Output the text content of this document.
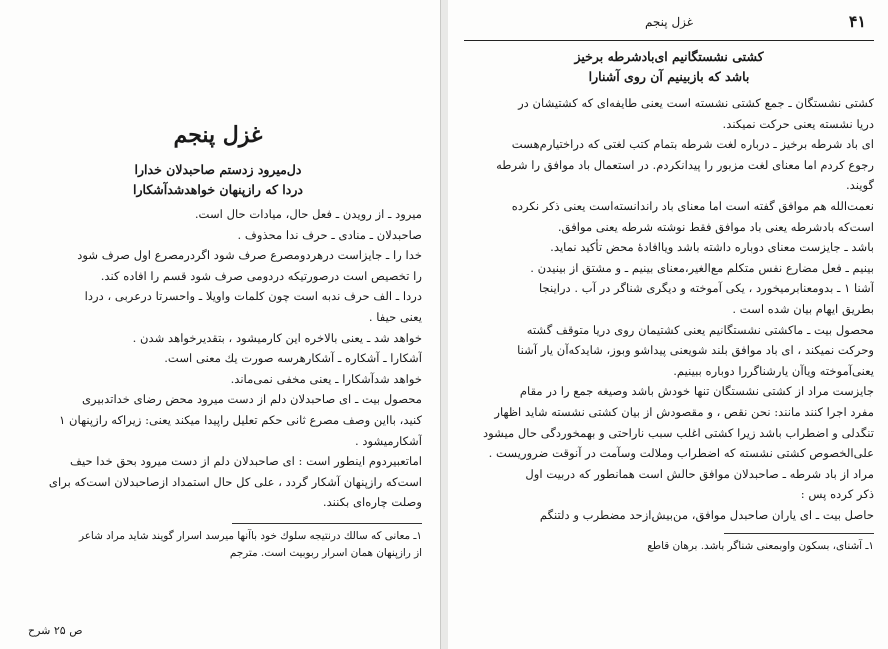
غزل پنجم
دل‌میرود زدستم صاحبدلان خدارا
دردا که رازپنهان خواهدشدآشکارا
میرود ـ از رویدن ـ فعل حال، میادات حال است.
صاحبدلان ـ منادی ـ حرف ندا محذوف .
خدا را ـ جایزاست درهردومصرع صرف شود اگردرمصرع اول صرف شود
را تخصیص است درصورتیکه دردومی صرف شود قسم را افاده کند.
دردا ـ الف حرف ندبه است چون کلمات واویلا ـ واحسرتا درعربی ، دردا
یعنی حیفا .
خواهد شد ـ یعنی بالاخره این کارمیشود ، بتقدیرخواهد شدن .
آشکارا ـ آشکاره ـ آشکارهرسه صورت یك معنی است.
خواهد شدآشکارا ـ یعنی مخفی نمی‌ماند.
محصول بیت ـ ای صاحبدلان دلم از دست میرود محض رضای خداتدبیری
کنید، بااین وصف مصرع ثانی حکم تعلیل راپیدا میکند یعنی: زیراکه رازپنهان ۱
آشکارمیشود .
اماتعبیردوم اینطور است : ای صاحبدلان دلم از دست میرود بحق خدا حیف
است‌که رازپنهان آشکار گردد ، علی کل حال استمداد ازصاحبدلان است‌که برای
وصلت چاره‌ای بکنند.
۱ـ معانی که سالك درنتیجه سلوك خود باآنها میرسد اسرار گویند شاید مراد شاعر
از رازپنهان همان اسرار ربوبیت است. مترجم
ص ۲۵ شرح
۴۱
غزل پنجم
کشتی نشستگانیم ای‌بادشرطه برخیز
باشد که بازبینیم آن روی آشنارا
کشتی نشستگان ـ جمع کشتی نشسته است یعنی طایفه‌ای که کشتیشان در
دریا نشسته یعنی حرکت نمیکند.
ای باد شرطه برخیز ـ درباره لغت شرطه بتمام کتب لغتی که دراختیارم‌هست
رجوع کردم اما معنای لغت مزبور را پیدانکردم. در استعمال باد موافق را شرطه
گویند.
نعمت‌الله هم موافق گفته است اما معنای باد راندانسته‌است یعنی ذکر نکرده
است‌که بادشرطه یعنی باد موافق فقط نوشته شرطه یعنی موافق.
باشد ـ جایزست معنای دوباره داشته باشد ویاافادهٔ محض تأکید نماید.
بینیم ـ فعل مضارع نفس متکلم مع‌الغیر،معنای بینیم ـ و مشتق از بینیدن .
آشنا ۱ ـ بدومعنابرمیخورد ، یکی آموخته و دیگری شناگر در آب . دراینجا
بطریق ایهام بیان شده است .
محصول بیت ـ ماکشتی نشستگانیم یعنی کشتیمان روی دریا متوقف گشته
وحرکت نمیکند ، ای باد موافق بلند شویعنی پیداشو وبوز، شایدکه‌آن یار آشنا
یعنی‌آموخته ویاآن یارشناگررا دوباره ببینیم.
جایزست مراد از کشتی نشستگان تنها خودش باشد وصیغه جمع را در مقام
مفرد اجرا کنند مانند: نحن نقص ، و مقصودش از بیان کشتی نشسته شاید اظهار
تنگدلی و اضطراب باشد زیرا کشتی اغلب سبب ناراحتی و بهمخوردگی حال میشود
علی‌الخصوص کشتی نشسته که اضطراب وملالت وسآمت در آنوقت ضروریست .
مراد از باد شرطه ـ صاحبدلان موافق حالش است همانطور که دربیت اول
ذکر کرده پس :
حاصل بیت ـ ای یاران صاحبدل موافق، من‌بیش‌ازحد مضطرب و دلتنگم
۱ـ آشنای، بسکون واوبمعنی شناگر باشد. برهان قاطع
